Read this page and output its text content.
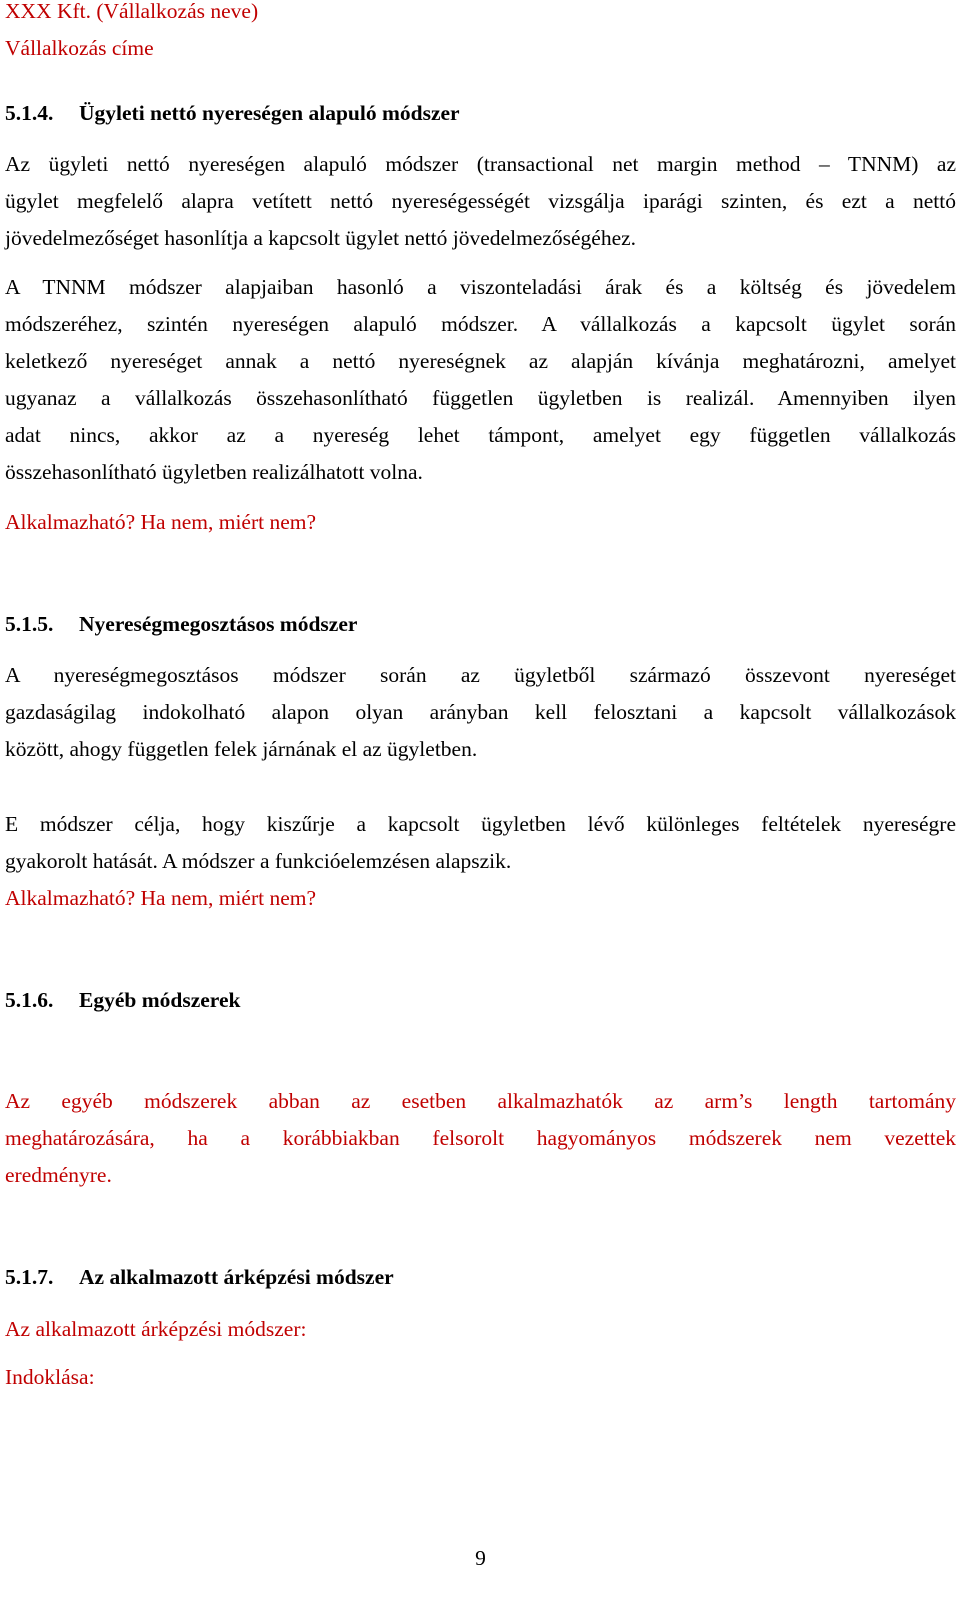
XXX Kft. (Vállalkozás neve)
Vállalkozás címe
5.1.4. Ügyleti nettó nyereségen alapuló módszer
Az ügyleti nettó nyereségen alapuló módszer (transactional net margin method – TNNM) az
ügylet megfelelő alapra vetített nettó nyereségességét vizsgálja iparági szinten, és ezt a nettó
jövedelmezőséget hasonlítja a kapcsolt ügylet nettó jövedelmezőségéhez.
A TNNM módszer alapjaiban hasonló a viszonteladási árak és a költség és jövedelem
módszeréhez, szintén nyereségen alapuló módszer. A vállalkozás a kapcsolt ügylet során
keletkező nyereséget annak a nettó nyereségnek az alapján kívánja meghatározni, amelyet
ugyanaz a vállalkozás összehasonlítható független ügyletben is realizál. Amennyiben ilyen
adat nincs, akkor az a nyereség lehet támpont, amelyet egy független vállalkozás
összehasonlítható ügyletben realizálhatott volna.
Alkalmazható? Ha nem, miért nem?
5.1.5. Nyereségmegosztásos módszer
A nyereségmegosztásos módszer során az ügyletből származó összevont nyereséget
gazdaságilag indokolható alapon olyan arányban kell felosztani a kapcsolt vállalkozások
között, ahogy független felek járnának el az ügyletben.
E módszer célja, hogy kiszűrje a kapcsolt ügyletben lévő különleges feltételek nyereségre
gyakorolt hatását. A módszer a funkcióelemzésen alapszik.
Alkalmazható? Ha nem, miért nem?
5.1.6. Egyéb módszerek
Az egyéb módszerek abban az esetben alkalmazhatók az arm’s length tartomány
meghatározására, ha a korábbiakban felsorolt hagyományos módszerek nem vezettek
eredményre.
5.1.7. Az alkalmazott árképzési módszer
Az alkalmazott árképzési módszer:
Indoklása:
9
